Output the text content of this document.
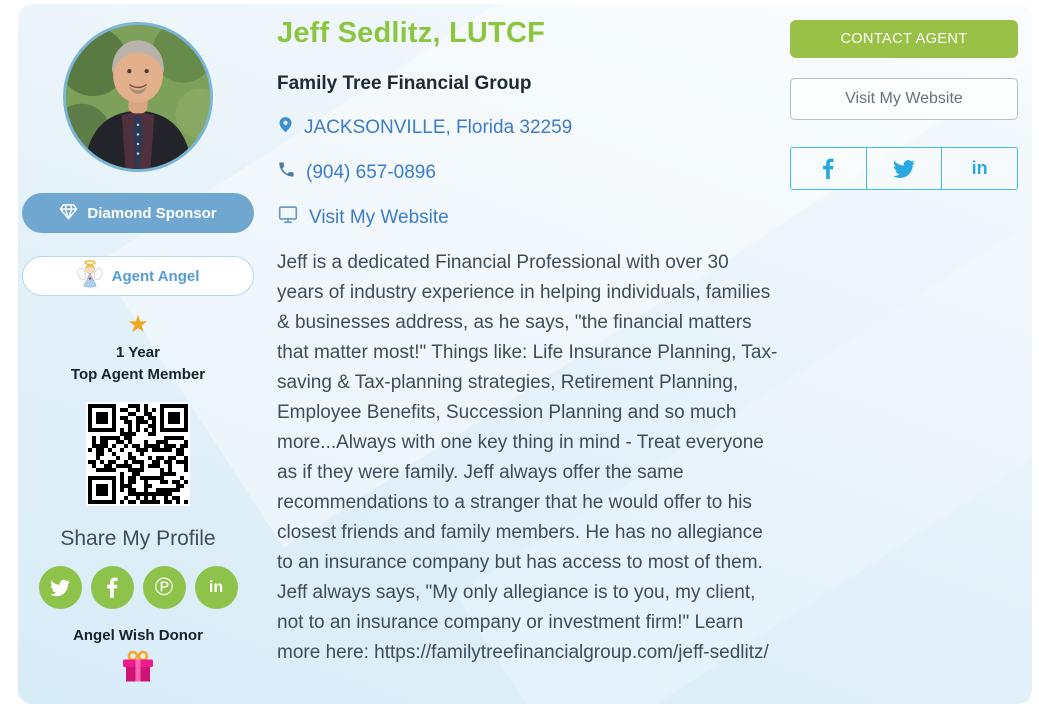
Diamond Sponsor
Agent Angel
★
1 Year
Top Agent Member
Share My Profile
℗ in
Angel Wish Donor
Jeff Sedlitz, LUTCF
Family Tree Financial Group
JACKSONVILLE, Florida 32259
(904) 657-0896
Visit My Website

Jeff is a dedicated Financial Professional with over 30 years of industry experience in helping individuals, families & businesses address, as he says, "the financial matters that matter most!" Things like: Life Insurance Planning, Tax-saving & Tax-planning strategies, Retirement Planning, Employee Benefits, Succession Planning and so much more...Always with one key thing in mind - Treat everyone as if they were family. Jeff always offer the same recommendations to a stranger that he would offer to his closest friends and family members. He has no allegiance to an insurance company but has access to most of them. Jeff always says, "My only allegiance is to you, my client, not to an insurance company or investment firm!" Learn more here: https://familytreefinancialgroup.com/jeff-sedlitz/

CONTACT AGENT Visit My Website
in
